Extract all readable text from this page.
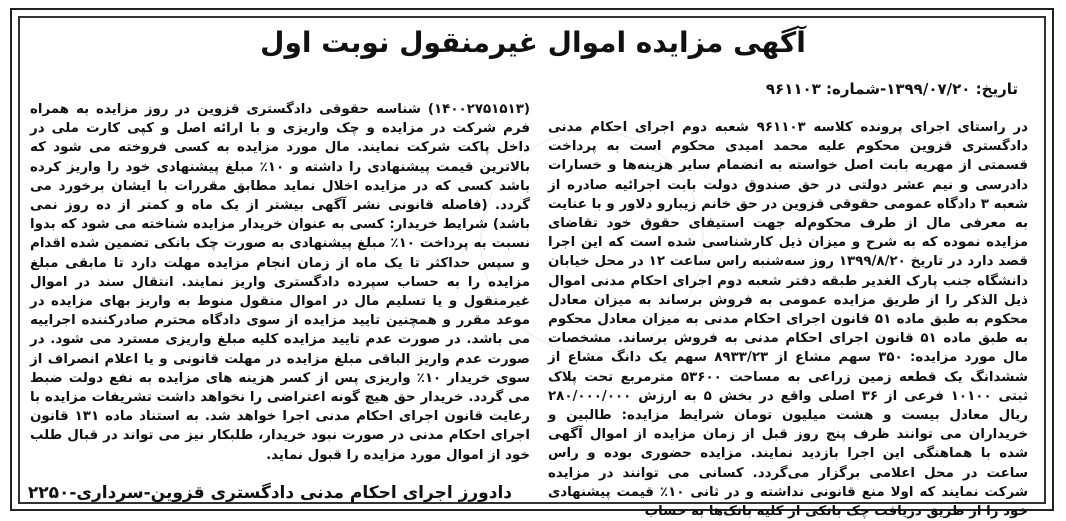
آگهی مزایده اموال غیرمنقول نوبت اول
تاریخ: ۱۳۹۹/۰۷/۲۰-شماره: ۹۶۱۱۰۳

در راستای اجرای پرونده کلاسه ۹۶۱۱۰۳ شعبه دوم اجرای احکام مدنی دادگستری قزوین محکوم علیه محمد امیدی محکوم است به پرداخت قسمتی از مهریه بابت اصل خواسته به انضمام سایر هزینه‌ها و خسارات دادرسی و نیم عشر دولتی در حق صندوق دولت بابت اجرائیه صادره از شعبه ۳ دادگاه عمومی حقوقی قزوین در حق خانم زیبارو دلاور و با عنایت به معرفی مال از طرف محکوم‌له جهت استیفای حقوق خود تقاضای مزایده نموده که به شرح و میزان ذیل کارشناسی شده است که این اجرا قصد دارد در تاریخ ۱۳۹۹/۸/۲۰ روز سه‌شنبه راس ساعت ۱۲ در محل خیابان دانشگاه جنب پارک الغدیر طبقه دفتر شعبه دوم اجرای احکام مدنی اموال ذیل الذکر را از طریق مزایده عمومی به فروش برساند به میزان معادل محکوم به طبق ماده ۵۱ قانون اجرای احکام مدنی به میزان معادل محکوم به طبق ماده ۵۱ قانون اجرای احکام مدنی به فروش برساند. مشخصات مال مورد مزایده: ۳۵۰ سهم مشاع از ۸۹۳۳/۲۳ سهم یک دانگ مشاع از ششدانگ یک قطعه زمین زراعی به مساحت ۵۳۶۰۰ مترمربع تحت پلاک ثبتی ۱۰۱۰۰ فرعی از ۳۶ اصلی واقع در بخش ۵ به ارزش ۲۸۰/۰۰۰/۰۰۰ ریال معادل بیست و هشت میلیون تومان شرایط مزایده: طالبین و خریداران می توانند ظرف پنج روز قبل از زمان مزایده از اموال آگهی شده با هماهنگی این اجرا بازدید نمایند. مزایده حضوری بوده و راس ساعت در محل اعلامی برگزار می‌گردد. کسانی می توانند در مزایده شرکت نمایند که اولا منع قانونی نداشته و در ثانی ۱۰٪ قیمت پیشنهادی خود را از طریق دریافت چک بانکی از کلیه بانک‌ها به حساب

(۱۴۰۰۲۷۵۱۵۱۳) شناسه حقوقی دادگستری قزوین در روز مزایده به همراه فرم شرکت در مزایده و چک واریزی و با ارائه اصل و کپی کارت ملی در داخل پاکت شرکت نمایند. مال مورد مزایده به کسی فروخته می شود که بالاترین قیمت پیشنهادی را داشته و ۱۰٪ مبلغ پیشنهادی خود را واریز کرده باشد کسی که در مزایده اخلال نماید مطابق مقررات با ایشان برخورد می گردد. (فاصله قانونی نشر آگهی بیشتر از یک ماه و کمتر از ده روز نمی باشد) شرایط خریدار: کسی به عنوان خریدار مزایده شناخته می شود که بدوا نسبت به پرداخت ۱۰٪ مبلغ پیشنهادی به صورت چک بانکی تضمین شده اقدام و سپس حداکثر تا یک ماه از زمان انجام مزایده مهلت دارد تا مابقی مبلغ مزایده را به حساب سپرده دادگستری واریز نمایند. انتقال سند در اموال غیرمنقول و یا تسلیم مال در اموال منقول منوط به واریز بهای مزایده در موعد مقرر و همچنین تایید مزایده از سوی دادگاه محترم صادرکننده اجراییه می باشد. در صورت عدم تایید مزایده کلیه مبلغ واریزی مسترد می شود. در صورت عدم واریز الباقی مبلغ مزایده در مهلت قانونی و یا اعلام انصراف از سوی خریدار ۱۰٪ واریزی پس از کسر هزینه های مزایده به نفع دولت ضبط می گردد. خریدار حق هیچ گونه اعتراضی را نخواهد داشت تشریفات مزایده با رعایت قانون اجرای احکام مدنی اجرا خواهد شد. به استناد ماده ۱۳۱ قانون اجرای احکام مدنی در صورت نبود خریدار، طلبکار نیز می تواند در قبال طلب خود از اموال مورد مزایده را قبول نماید.

دادورز اجرای احکام مدنی دادگستری قزوین-سرداری-۲۲۵۰
